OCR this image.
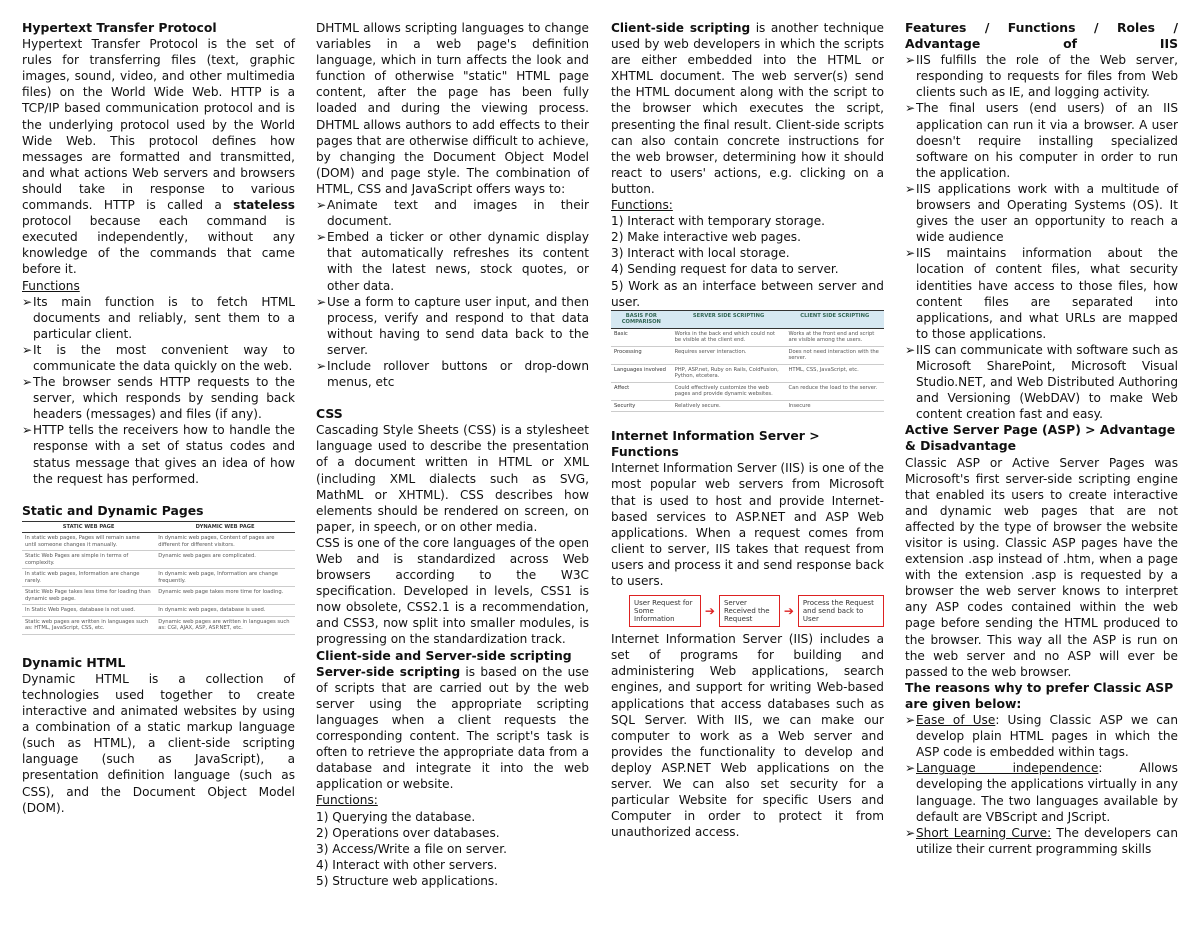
Hypertext Transfer Protocol

Hypertext Transfer Protocol is the set of rules for transferring files (text, graphic images, sound, video, and other multimedia files) on the World Wide Web. HTTP is a TCP/IP based communication protocol and is the underlying protocol used by the World Wide Web. This protocol defines how messages are formatted and transmitted, and what actions Web servers and browsers should take in response to various commands. HTTP is called a stateless protocol because each command is executed independently, without any knowledge of the commands that came before it.

Functions
➢ Its main function is to fetch HTML documents and reliably, sent them to a particular client.
➢ It is the most convenient way to communicate the data quickly on the web.
➢ The browser sends HTTP requests to the server, which responds by sending back headers (messages) and files (if any).
➢ HTTP tells the receivers how to handle the response with a set of status codes and status message that gives an idea of how the request has performed.
Static and Dynamic Pages
STATIC WEB PAGE	DYNAMIC WEB PAGE
In static web pages, Pages will remain same until someone changes it manually.	In dynamic web pages, Content of pages are different for different visitors.
Static Web Pages are simple in terms of complexity.	Dynamic web pages are complicated.
In static web pages, Information are change rarely.	In dynamic web page, Information are change frequently.
Static Web Page takes less time for loading than dynamic web page.	Dynamic web page takes more time for loading.
In Static Web Pages, database is not used.	In dynamic web pages, database is used.
Static web pages are written in languages such as: HTML, JavaScript, CSS, etc.	Dynamic web pages are written in languages such as: CGI, AJAX, ASP, ASP.NET, etc.
Dynamic HTML

Dynamic HTML is a collection of technologies used together to create interactive and animated websites by using a combination of a static markup language (such as HTML), a client-side scripting language (such as JavaScript), a presentation definition language (such as CSS), and the Document Object Model (DOM).

DHTML allows scripting languages to change variables in a web page's definition language, which in turn affects the look and function of otherwise "static" HTML page content, after the page has been fully loaded and during the viewing process. DHTML allows authors to add effects to their pages that are otherwise difficult to achieve, by changing the Document Object Model (DOM) and page style. The combination of HTML, CSS and JavaScript offers ways to:

➢ Animate text and images in their document.
➢ Embed a ticker or other dynamic display that automatically refreshes its content with the latest news, stock quotes, or other data.
➢ Use a form to capture user input, and then process, verify and respond to that data without having to send data back to the server.
➢ Include rollover buttons or drop-down menus, etc
CSS

Cascading Style Sheets (CSS) is a stylesheet language used to describe the presentation of a document written in HTML or XML (including XML dialects such as SVG, MathML or XHTML). CSS describes how elements should be rendered on screen, on paper, in speech, or on other media.

CSS is one of the core languages of the open Web and is standardized across Web browsers according to the W3C specification. Developed in levels, CSS1 is now obsolete, CSS2.1 is a recommendation, and CSS3, now split into smaller modules, is progressing on the standardization track.

Client-side and Server-side scripting

Server-side scripting is based on the use of scripts that are carried out by the web server using the appropriate scripting languages when a client requests the corresponding content. The script's task is often to retrieve the appropriate data from a database and integrate it into the web application or website.

Functions:
1) Querying the database.
2) Operations over databases.
3) Access/Write a file on server.
4) Interact with other servers.
5) Structure web applications.

Client-side scripting is another technique used by web developers in which the scripts are either embedded into the HTML or XHTML document. The web server(s) send the HTML document along with the script to the browser which executes the script, presenting the final result. Client-side scripts can also contain concrete instructions for the web browser, determining how it should react to users' actions, e.g. clicking on a button.

Functions:
1) Interact with temporary storage.
2) Make interactive web pages.
3) Interact with local storage.
4) Sending request for data to server.
5) Work as an interface between server and user.
BASIS FOR COMPARISON	SERVER SIDE SCRIPTING	CLIENT SIDE SCRIPTING
Basic	Works in the back end which could not be visible at the client end.	Works at the front end and script are visible among the users.
Processing	Requires server interaction.	Does not need interaction with the server.
Languages involved	PHP, ASP.net, Ruby on Rails, ColdFusion, Python, etcetera.	HTML, CSS, JavaScript, etc.
Affect	Could effectively customize the web pages and provide dynamic websites.	Can reduce the load to the server.
Security	Relatively secure.	Insecure
Internet Information Server > Functions

Internet Information Server (IIS) is one of the most popular web servers from Microsoft that is used to host and provide Internet-based services to ASP.NET and ASP Web applications. When a request comes from client to server, IIS takes that request from users and process it and send response back to users.

User Request for Some Information
➔
Server Received the Request
➔
Process the Request and send back to User

Internet Information Server (IIS) includes a set of programs for building and administering Web applications, search engines, and support for writing Web-based applications that access databases such as SQL Server. With IIS, we can make our computer to work as a Web server and provides the functionality to develop and deploy ASP.NET Web applications on the server. We can also set security for a particular Website for specific Users and Computer in order to protect it from unauthorized access.

Features / Functions / Roles / Advantage of IIS
➢ IIS fulfills the role of the Web server, responding to requests for files from Web clients such as IE, and logging activity.
➢ The final users (end users) of an IIS application can run it via a browser. A user doesn't require installing specialized software on his computer in order to run the application.
➢ IIS applications work with a multitude of browsers and Operating Systems (OS). It gives the user an opportunity to reach a wide audience
➢ IIS maintains information about the location of content files, what security identities have access to those files, how content files are separated into applications, and what URLs are mapped to those applications.
➢ IIS can communicate with software such as Microsoft SharePoint, Microsoft Visual Studio.NET, and Web Distributed Authoring and Versioning (WebDAV) to make Web content creation fast and easy.
Active Server Page (ASP) > Advantage & Disadvantage

Classic ASP or Active Server Pages was Microsoft's first server-side scripting engine that enabled its users to create interactive and dynamic web pages that are not affected by the type of browser the website visitor is using. Classic ASP pages have the extension .asp instead of .htm, when a page with the extension .asp is requested by a browser the web server knows to interpret any ASP codes contained within the web page before sending the HTML produced to the browser. This way all the ASP is run on the web server and no ASP will ever be passed to the web browser.

The reasons why to prefer Classic ASP are given below:
➢ Ease of Use: Using Classic ASP we can develop plain HTML pages in which the ASP code is embedded within tags.
➢ Language independence: Allows developing the applications virtually in any language. The two languages available by default are VBScript and JScript.
➢ Short Learning Curve: The developers can utilize their current programming skills
